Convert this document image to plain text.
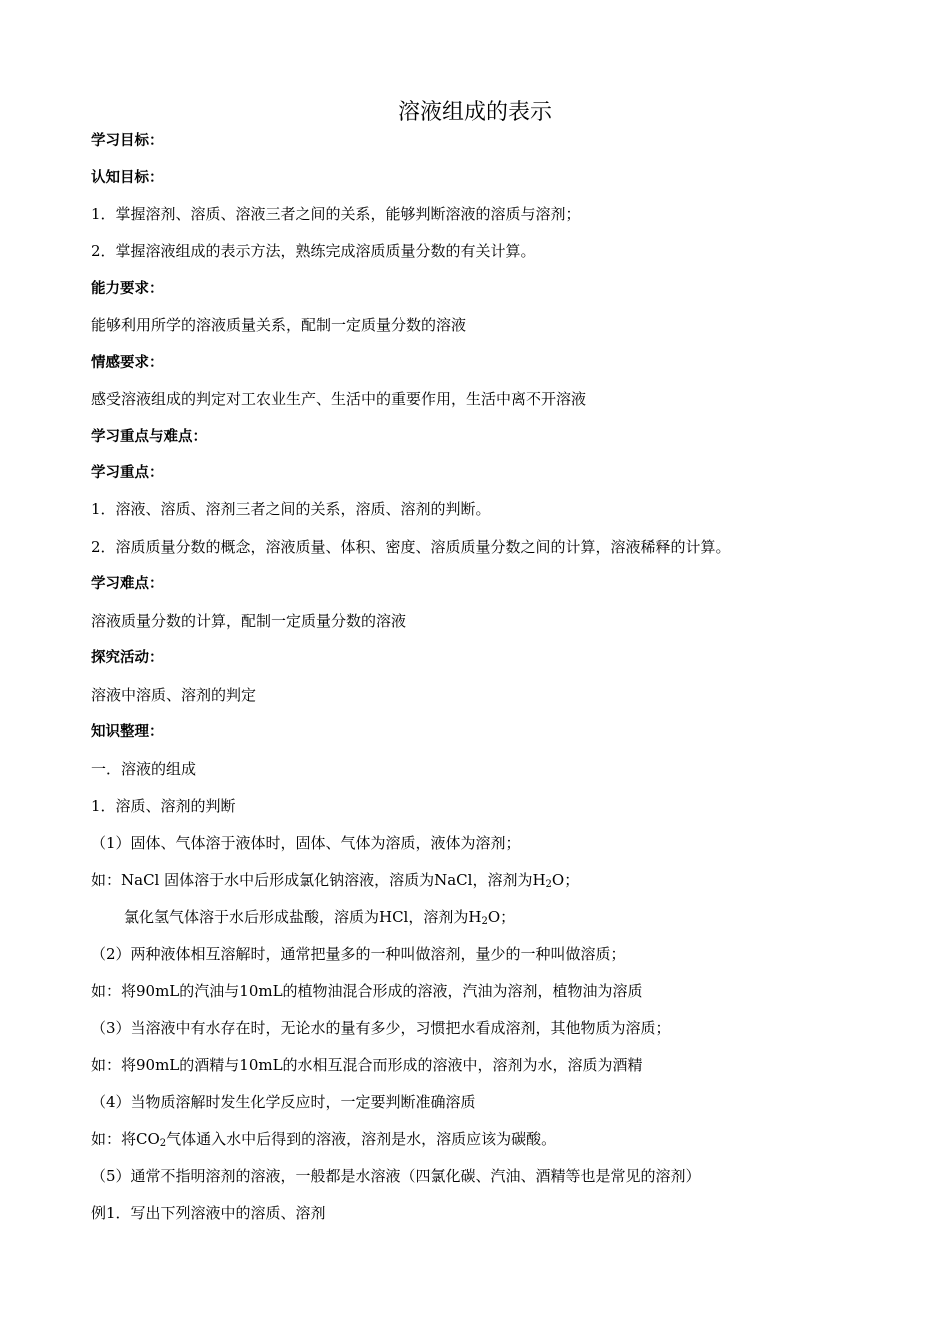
溶液组成的表示
学习目标：
认知目标：
1．掌握溶剂、溶质、溶液三者之间的关系，能够判断溶液的溶质与溶剂；
2．掌握溶液组成的表示方法，熟练完成溶质质量分数的有关计算。
能力要求：
能够利用所学的溶液质量关系，配制一定质量分数的溶液
情感要求：
感受溶液组成的判定对工农业生产、生活中的重要作用，生活中离不开溶液
学习重点与难点：
学习重点：
1．溶液、溶质、溶剂三者之间的关系，溶质、溶剂的判断。
2．溶质质量分数的概念，溶液质量、体积、密度、溶质质量分数之间的计算，溶液稀释的计算。
学习难点：
溶液质量分数的计算，配制一定质量分数的溶液
探究活动：
溶液中溶质、溶剂的判定
知识整理：
一．溶液的组成
1．溶质、溶剂的判断
（1）固体、气体溶于液体时，固体、气体为溶质，液体为溶剂；
如：NaCl 固体溶于水中后形成氯化钠溶液，溶质为NaCl，溶剂为$H_2O$；
氯化氢气体溶于水后形成盐酸，溶质为HCl，溶剂为$H_2O$；
（2）两种液体相互溶解时，通常把量多的一种叫做溶剂，量少的一种叫做溶质；
如：将90mL的汽油与10mL的植物油混合形成的溶液，汽油为溶剂，植物油为溶质
（3）当溶液中有水存在时，无论水的量有多少，习惯把水看成溶剂，其他物质为溶质；
如：将90mL的酒精与10mL的水相互混合而形成的溶液中，溶剂为水，溶质为酒精
（4）当物质溶解时发生化学反应时，一定要判断准确溶质
如：将$CO_2$气体通入水中后得到的溶液，溶剂是水，溶质应该为碳酸。
（5）通常不指明溶剂的溶液，一般都是水溶液（四氯化碳、汽油、酒精等也是常见的溶剂）
例1．写出下列溶液中的溶质、溶剂
